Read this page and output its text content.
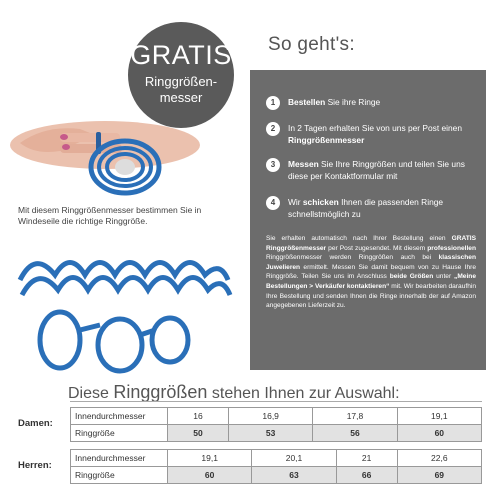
GRATIS
Ringgrößen-
messer
Mit diesem Ringgrößenmesser bestimmen Sie in Windeseile die richtige Ringgröße.
So geht's:
1	Bestellen Sie ihre Ringe
2	In 2 Tagen erhalten Sie von uns per Post einen Ringgrößenmesser
3	Messen Sie Ihre Ringgrößen und teilen Sie uns diese per Kontaktformular mit
4	Wir schicken Ihnen die passenden Ringe schnellstmöglich zu
Sie erhalten automatisch nach Ihrer Bestellung einen GRATIS Ringgrößenmesser per Post zugesendet. Mit diesem professionellen Ringgrößenmesser werden Ringgrößen auch bei klassischen Juwelieren ermittelt. Messen Sie damit bequem von zu Hause Ihre Ringgröße. Teilen Sie uns im Anschluss beide Größen unter „Meine Bestellungen > Verkäufer kontaktieren“ mit. Wir bearbeiten daraufhin Ihre Bestellung und senden Ihnen die Ringe innerhalb der auf Amazon angegebenen Lieferzeit zu.
Diese Ringgrößen stehen Ihnen zur Auswahl:
Damen:
Innendurchmesser	16	16,9	17,8	19,1
Ringgröße	50	53	56	60
Herren:
Innendurchmesser	19,1	20,1	21	22,6
Ringgröße	60	63	66	69
